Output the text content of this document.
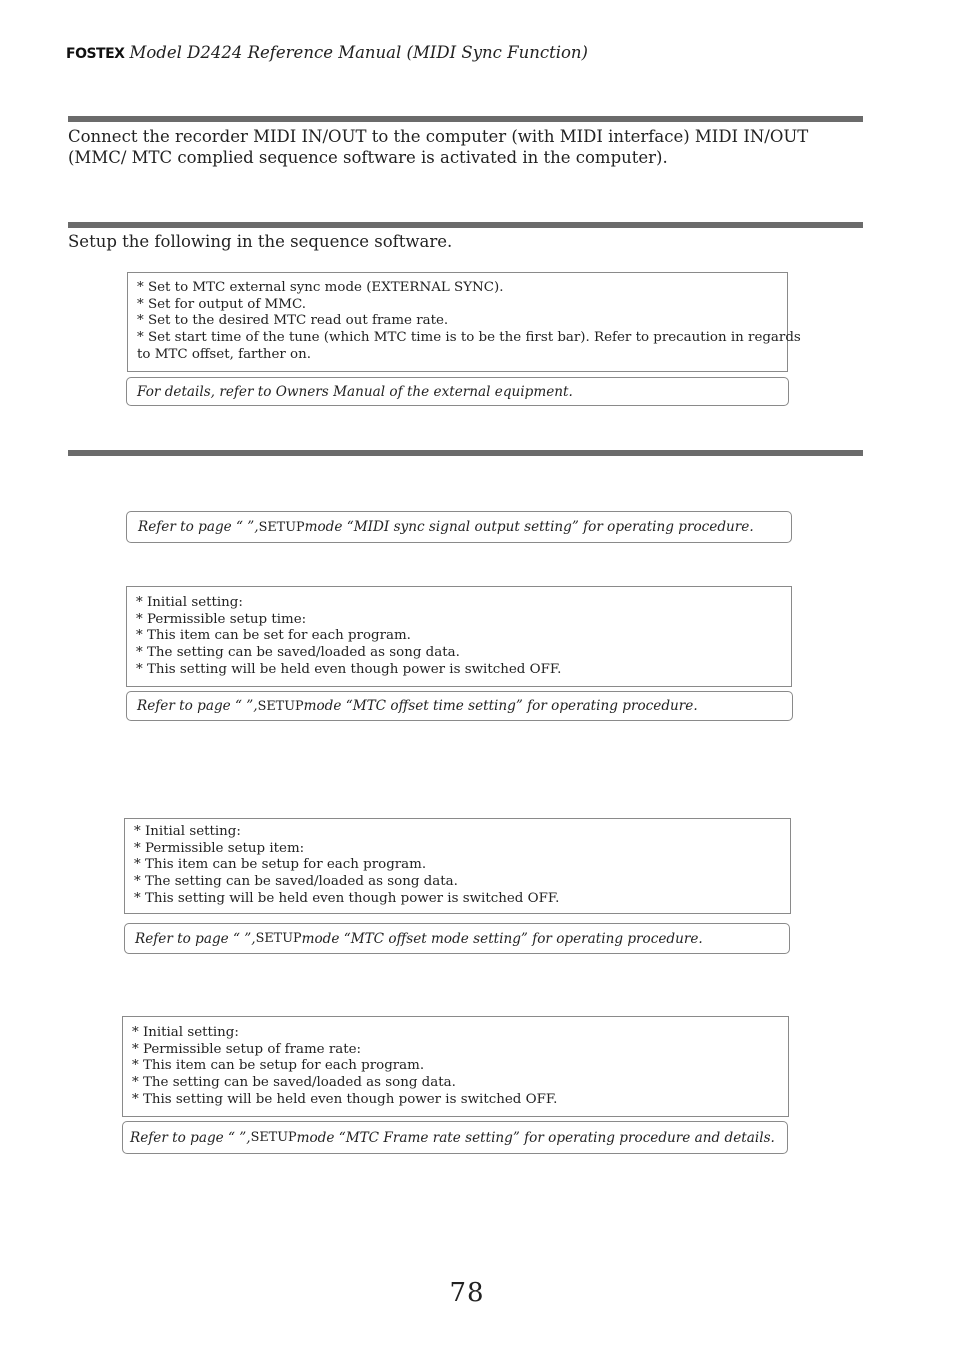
FOSTEX Model D2424 Reference Manual (MIDI Sync Function)
Connect the recorder MIDI IN/OUT to the computer (with MIDI interface) MIDI IN/OUT (MMC/ MTC complied sequence software is activated in the computer).
Setup the following in the sequence software.
* Set to MTC external sync mode (EXTERNAL SYNC).
* Set for output of MMC.
* Set to the desired MTC read out frame rate.
* Set start time of the tune (which MTC time is to be the first bar). Refer to precaution in regards
to MTC offset, farther on.
For details, refer to Owners Manual of the external equipment.
Refer to page “ ”, SETUP mode “MIDI sync signal output setting” for operating procedure.
* Initial setting:
* Permissible setup time:
* This item can be set for each program.
* The setting can be saved/loaded as song data.
* This setting will be held even though power is switched OFF.
Refer to page “ ”, SETUP mode “MTC offset time setting” for operating procedure.
* Initial setting:
* Permissible setup item:
* This item can be setup for each program.
* The setting can be saved/loaded as song data.
* This setting will be held even though power is switched OFF.
Refer to page “ ”, SETUP mode “MTC offset mode setting” for operating procedure.
* Initial setting:
* Permissible setup of frame rate:
* This item can be setup for each program.
* The setting can be saved/loaded as song data.
* This setting will be held even though power is switched OFF.
Refer to page “ ”, SETUP mode “MTC Frame rate setting” for operating procedure and details.
78
